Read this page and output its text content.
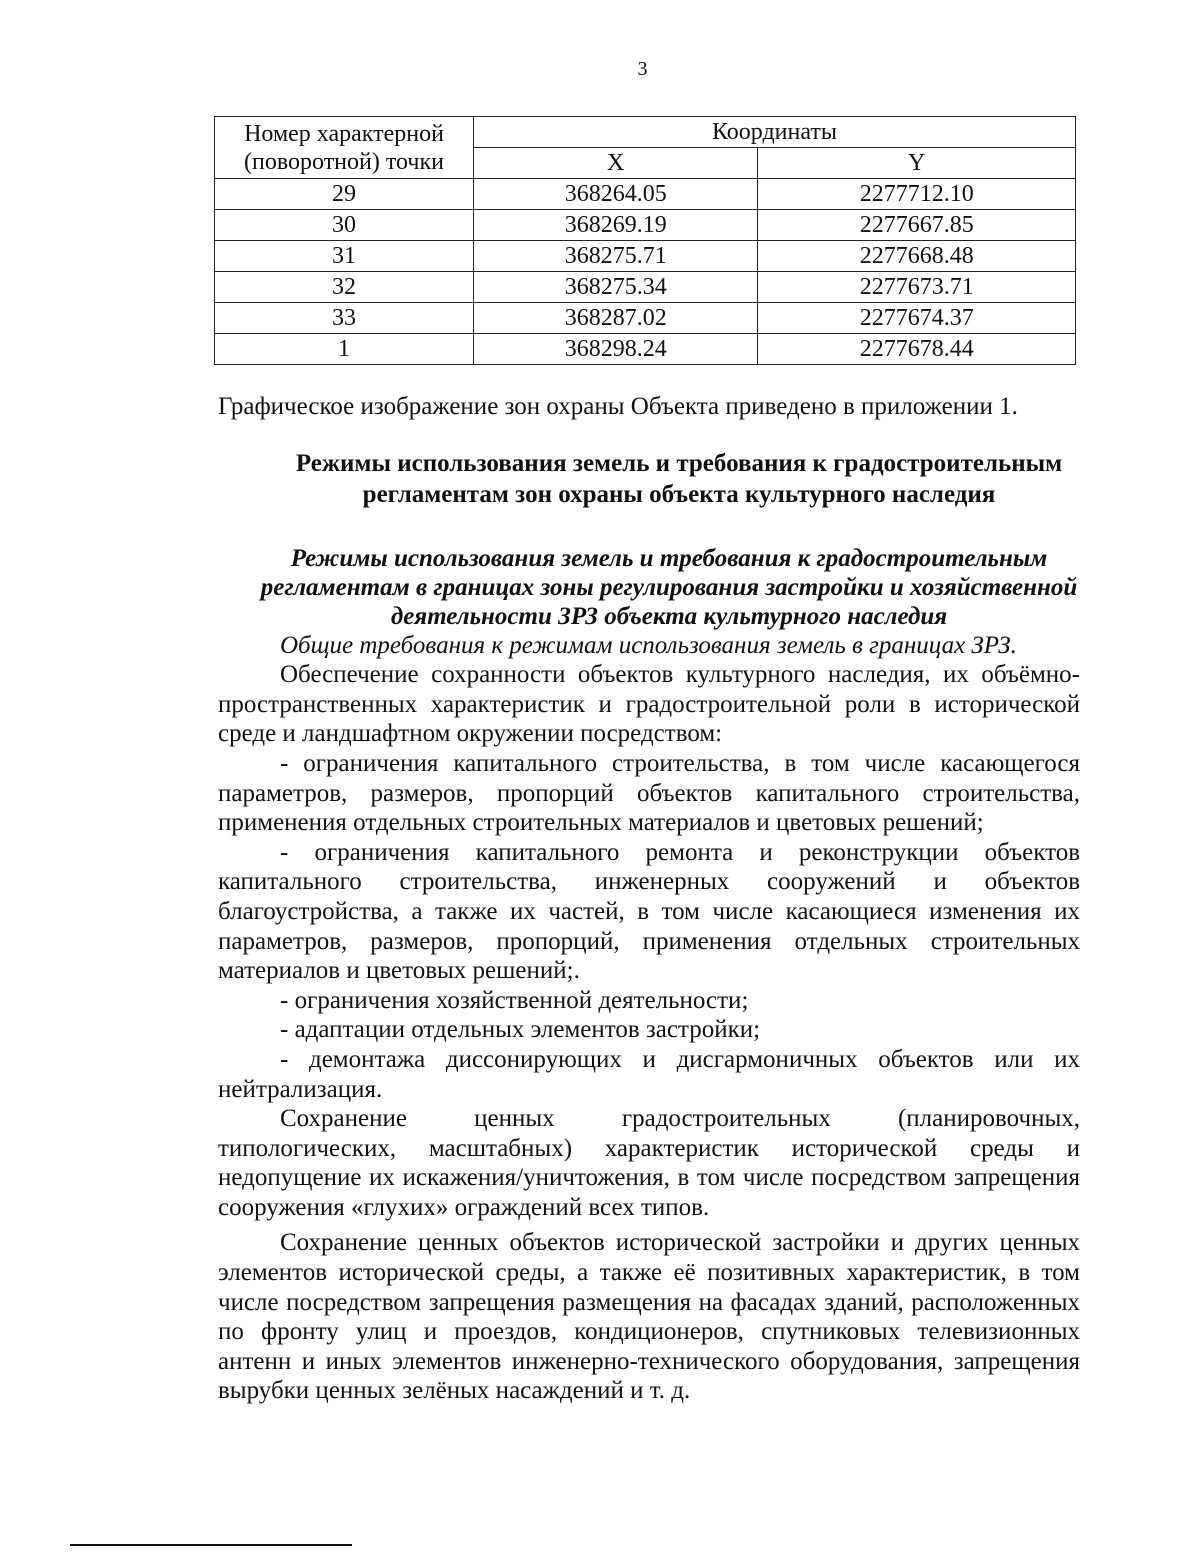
3
Номер характерной (поворотной) точки	Координаты	
	X	Y
29	368264.05	2277712.10
30	368269.19	2277667.85
31	368275.71	2277668.48
32	368275.34	2277673.71
33	368287.02	2277674.37
1	368298.24	2277678.44

Графическое изображение зон охраны Объекта приведено в приложении 1.

Режимы использования земель и требования к градостроительным регламентам зон охраны объекта культурного наследия

Режимы использования земель и требования к градостроительным регламентам в границах зоны регулирования застройки и хозяйственной деятельности ЗРЗ объекта культурного наследия

Общие требования к режимам использования земель в границах ЗРЗ.

Обеспечение сохранности объектов культурного наследия, их объёмно-пространственных характеристик и градостроительной роли в исторической среде и ландшафтном окружении посредством:

- ограничения капитального строительства, в том числе касающегося параметров, размеров, пропорций объектов капитального строительства, применения отдельных строительных материалов и цветовых решений;

- ограничения капитального ремонта и реконструкции объектов капитального строительства, инженерных сооружений и объектов благоустройства, а также их частей, в том числе касающиеся изменения их параметров, размеров, пропорций, применения отдельных строительных материалов и цветовых решений;.

- ограничения хозяйственной деятельности;

- адаптации отдельных элементов застройки;

- демонтажа диссонирующих и дисгармоничных объектов или их нейтрализация.

Сохранение ценных градостроительных (планировочных, типологических, масштабных) характеристик исторической среды и недопущение их искажения/уничтожения, в том числе посредством запрещения сооружения «глухих» ограждений всех типов.

Сохранение ценных объектов исторической застройки и других ценных элементов исторической среды, а также её позитивных характеристик, в том числе посредством запрещения размещения на фасадах зданий, расположенных по фронту улиц и проездов, кондиционеров, спутниковых телевизионных антенн и иных элементов инженерно-технического оборудования, запрещения вырубки ценных зелёных насаждений и т. д.
